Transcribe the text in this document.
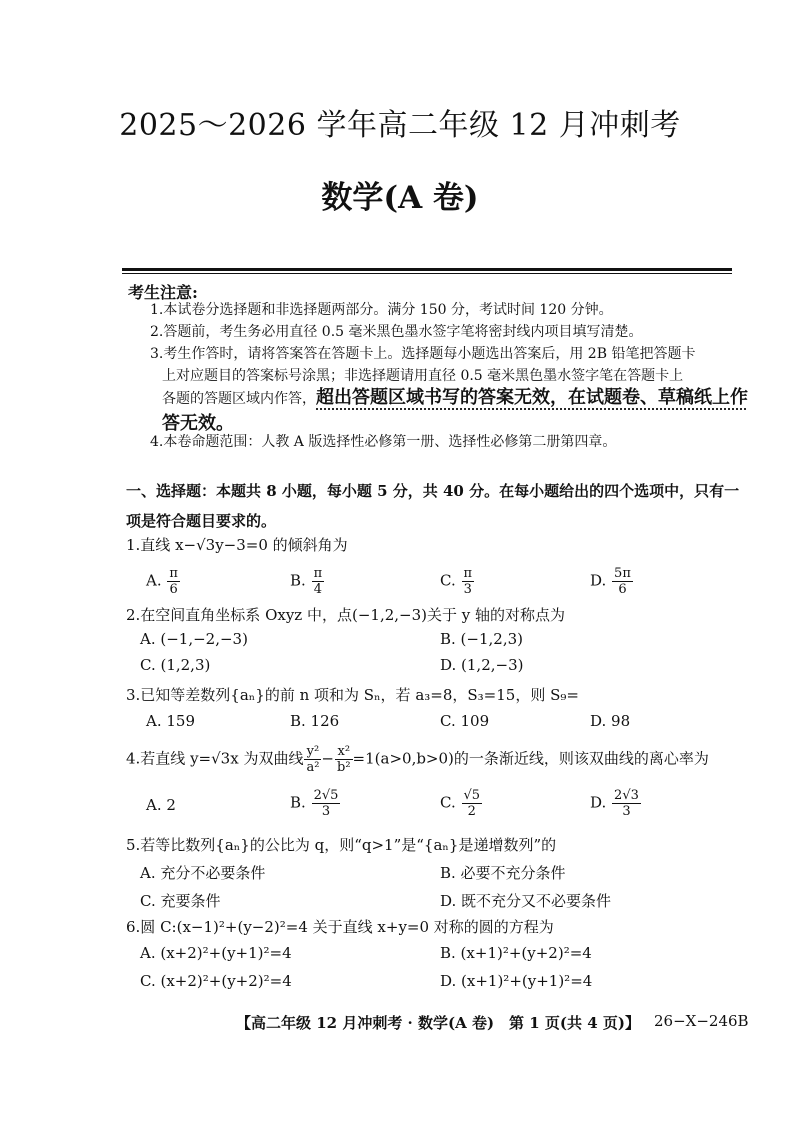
2025～2026 学年高二年级 12 月冲刺考
数学(A 卷)
考生注意:
1.本试卷分选择题和非选择题两部分。满分 150 分，考试时间 120 分钟。
2.答题前，考生务必用直径 0.5 毫米黑色墨水签字笔将密封线内项目填写清楚。
3.考生作答时，请将答案答在答题卡上。选择题每小题选出答案后，用 2B 铅笔把答题卡
上对应题目的答案标号涂黑；非选择题请用直径 0.5 毫米黑色墨水签字笔在答题卡上
各题的答题区域内作答，超出答题区域书写的答案无效，在试题卷、草稿纸上作
答无效。
4.本卷命题范围：人教 A 版选择性必修第一册、选择性必修第二册第四章。
一、选择题：本题共 8 小题，每小题 5 分，共 40 分。在每小题给出的四个选项中，只有一项是符合题目要求的。
1.直线 x−√3y−3=0 的倾斜角为
A. $\frac{\pi}{6}$	B. $\frac{\pi}{4}$	C. $\frac{\pi}{3}$	D. $\frac{5\pi}{6}$
2.在空间直角坐标系 Oxyz 中，点(−1,2,−3)关于 y 轴的对称点为
A. (−1,−2,−3)	B. (−1,2,3)
C. (1,2,3)	D. (1,2,−3)
3.已知等差数列{aₙ}的前 n 项和为 Sₙ，若 a₃=8，S₃=15，则 S₉=
A. 159	B. 126	C. 109	D. 98
4.若直线 y=√3x 为双曲线 $\frac{\text{y²}}{\text{a²}} - \frac{\text{x²}}{\text{b²}} =1(a>0,b>0)$的一条渐近线，则该双曲线的离心率为
A. 2	B. $\frac{2√5}{3}$	C. $\frac{√5}{2}$	D. $\frac{2√3}{3}$
5.若等比数列{aₙ}的公比为 q，则“q>1”是“{aₙ}是递增数列”的
A. 充分不必要条件	B. 必要不充分条件
C. 充要条件	D. 既不充分又不必要条件
6.圆 C:(x−1)²+(y−2)²=4 关于直线 x+y=0 对称的圆的方程为
A. (x+2)²+(y+1)²=4	B. (x+1)²+(y+2)²=4
C. (x+2)²+(y+2)²=4	D. (x+1)²+(y+1)²=4
【高二年级 12 月冲刺考 · 数学(A 卷)　第 1 页(共 4 页)】 26−X−246B
